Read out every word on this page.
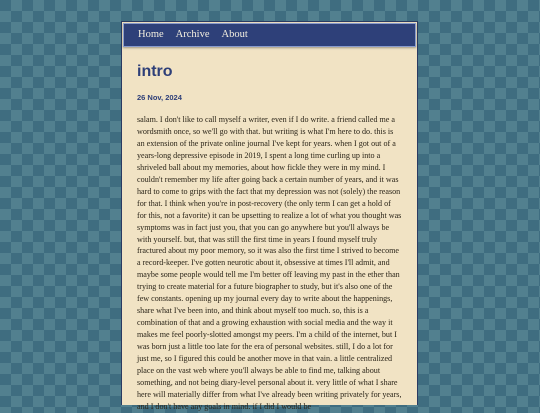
Home Archive About
intro
26 Nov, 2024

salam. I don't like to call myself a writer, even if I do write. a friend called me a wordsmith once, so we'll go with that. but writing is what I'm here to do. this is an extension of the private online journal I've kept for years. when I got out of a years-long depressive episode in 2019, I spent a long time curling up into a shriveled ball about my memories, about how fickle they were in my mind. I couldn't remember my life after going back a certain number of years, and it was hard to come to grips with the fact that my depression was not (solely) the reason for that. I think when you're in post-recovery (the only term I can get a hold of for this, not a favorite) it can be upsetting to realize a lot of what you thought was symptoms was in fact just you, that you can go anywhere but you'll always be with yourself. but, that was still the first time in years I found myself truly fractured about my poor memory, so it was also the first time I strived to become a record-keeper. I've gotten neurotic about it, obsessive at times I'll admit, and maybe some people would tell me I'm better off leaving my past in the ether than trying to create material for a future biographer to study, but it's also one of the few constants. opening up my journal every day to write about the happenings, share what I've been into, and think about myself too much. so, this is a combination of that and a growing exhaustion with social media and the way it makes me feel poorly-slotted amongst my peers. I'm a child of the internet, but I was born just a little too late for the era of personal websites. still, I do a lot for just me, so I figured this could be another move in that vain. a little centralized place on the vast web where you'll always be able to find me, talking about something, and not being diary-level personal about it. very little of what I share here will materially differ from what I've already been writing privately for years, and I don't have any goals in mind. if I did I would be
